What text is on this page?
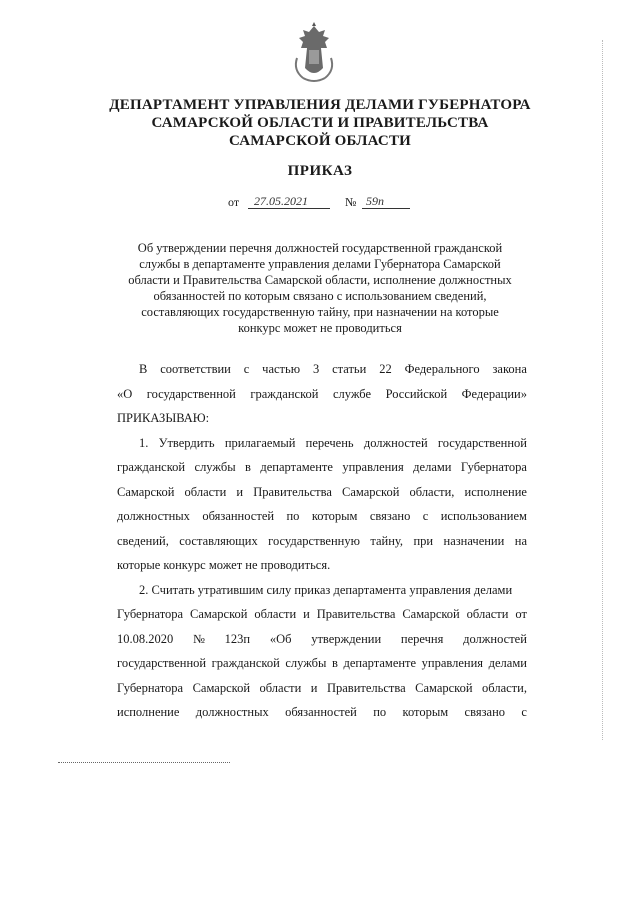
ДЕПАРТАМЕНТ УПРАВЛЕНИЯ ДЕЛАМИ ГУБЕРНАТОРА
САМАРСКОЙ ОБЛАСТИ И ПРАВИТЕЛЬСТВА
САМАРСКОЙ ОБЛАСТИ
ПРИКАЗ
от 27.05.2021	№ 59п
Об утверждении перечня должностей государственной гражданской
службы в департаменте управления делами Губернатора Самарской
области и Правительства Самарской области, исполнение должностных
обязанностей по которым связано с использованием сведений,
составляющих государственную тайну, при назначении на которые
конкурс может не проводиться
В соответствии с частью 3 статьи 22 Федерального закона
«О государственной гражданской службе Российской Федерации»
ПРИКАЗЫВАЮ:
1. Утвердить прилагаемый перечень должностей государственной
гражданской службы в департаменте управления делами Губернатора
Самарской области и Правительства Самарской области, исполнение
должностных обязанностей по которым связано с использованием
сведений, составляющих государственную тайну, при назначении на
которые конкурс может не проводиться.
2. Считать утратившим силу приказ департамента управления делами
Губернатора Самарской области и Правительства Самарской области от
10.08.2020 № 123п «Об утверждении перечня должностей
государственной гражданской службы в департаменте управления делами
Губернатора Самарской области и Правительства Самарской области,
исполнение должностных обязанностей по которым связано с
